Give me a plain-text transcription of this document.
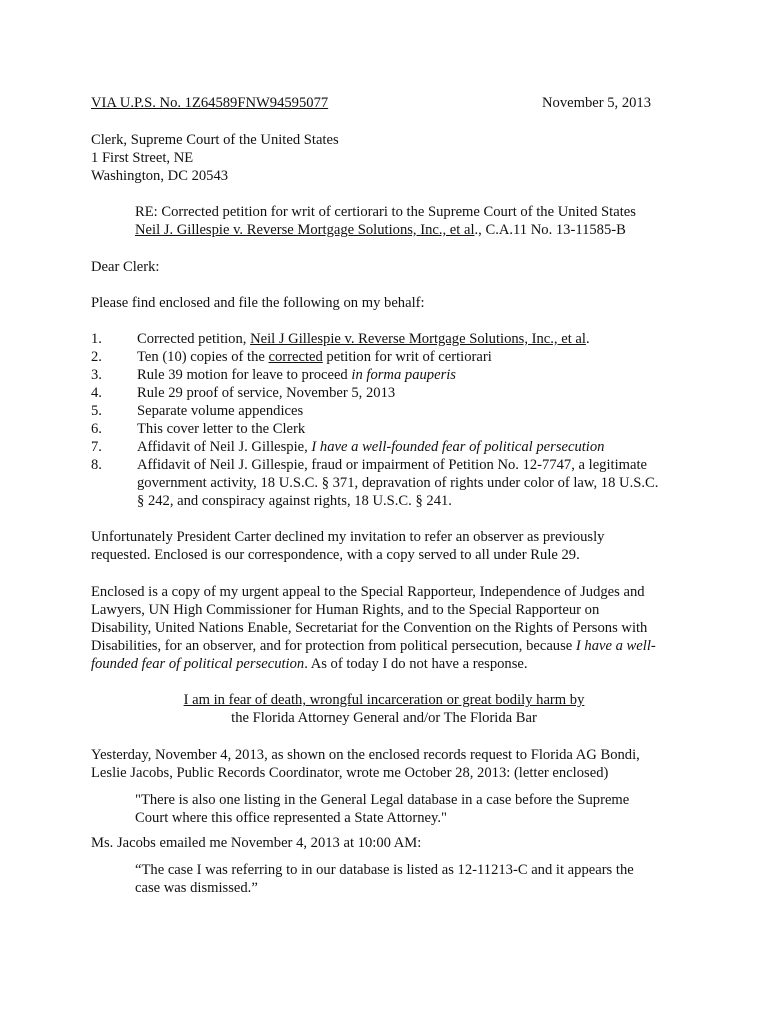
VIA U.P.S. No. 1Z64589FNW94595077	November 5, 2013
Clerk, Supreme Court of the United States
1 First Street, NE
Washington, DC 20543
RE: Corrected petition for writ of certiorari to the Supreme Court of the United States
Neil J. Gillespie v. Reverse Mortgage Solutions, Inc., et al., C.A.11 No. 13-11585-B
Dear Clerk:
Please find enclosed and file the following on my behalf:
1. Corrected petition, Neil J Gillespie v. Reverse Mortgage Solutions, Inc., et al.
2. Ten (10) copies of the corrected petition for writ of certiorari
3. Rule 39 motion for leave to proceed in forma pauperis
4. Rule 29 proof of service, November 5, 2013
5. Separate volume appendices
6. This cover letter to the Clerk
7. Affidavit of Neil J. Gillespie, I have a well-founded fear of political persecution
8. Affidavit of Neil J. Gillespie, fraud or impairment of Petition No. 12-7747, a legitimate
government activity, 18 U.S.C. § 371, depravation of rights under color of law, 18 U.S.C.
§ 242, and conspiracy against rights, 18 U.S.C. § 241.
Unfortunately President Carter declined my invitation to refer an observer as previously
requested. Enclosed is our correspondence, with a copy served to all under Rule 29.
Enclosed is a copy of my urgent appeal to the Special Rapporteur, Independence of Judges and
Lawyers, UN High Commissioner for Human Rights, and to the Special Rapporteur on
Disability, United Nations Enable, Secretariat for the Convention on the Rights of Persons with
Disabilities, for an observer, and for protection from political persecution, because I have a well-
founded fear of political persecution. As of today I do not have a response.
I am in fear of death, wrongful incarceration or great bodily harm by
the Florida Attorney General and/or The Florida Bar
Yesterday, November 4, 2013, as shown on the enclosed records request to Florida AG Bondi,
Leslie Jacobs, Public Records Coordinator, wrote me October 28, 2013: (letter enclosed)
"There is also one listing in the General Legal database in a case before the Supreme
Court where this office represented a State Attorney."
Ms. Jacobs emailed me November 4, 2013 at 10:00 AM:
“The case I was referring to in our database is listed as 12-11213-C and it appears the
case was dismissed.”
